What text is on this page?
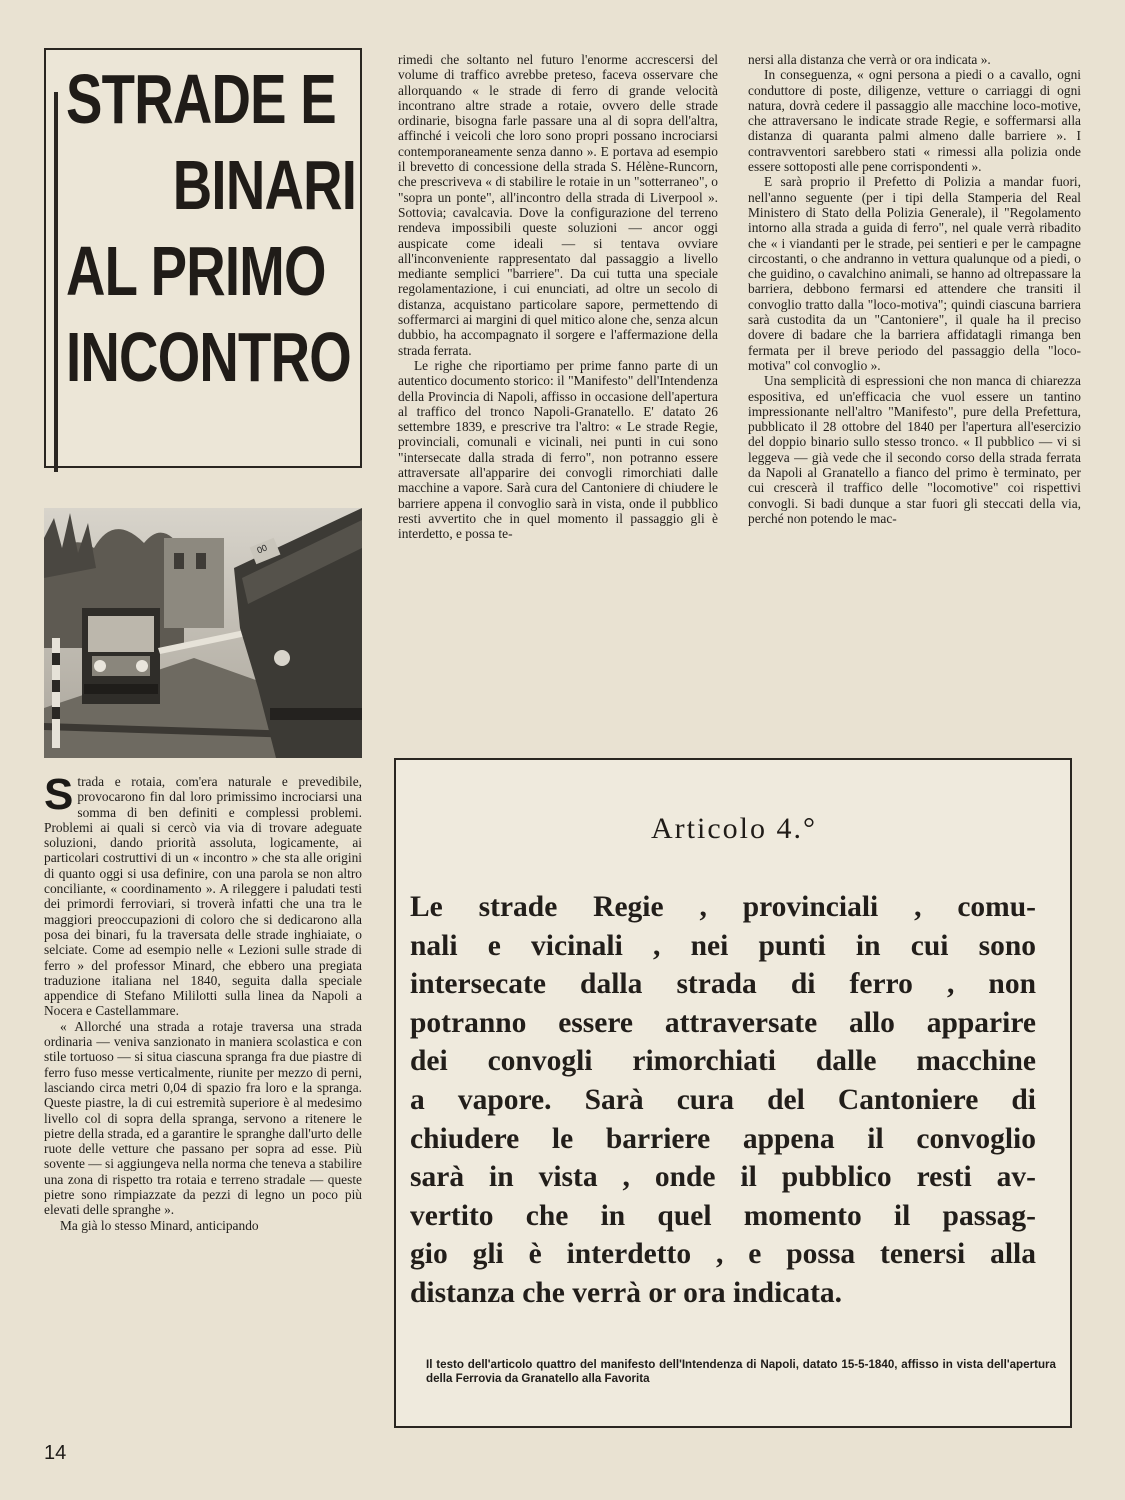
STRADE E
BINARI
AL PRIMO
INCONTRO
00

rimedi che soltanto nel futuro l'enorme accrescersi del volume di traffico avrebbe preteso, faceva osservare che allorquando « le strade di ferro di grande velocità incontrano altre strade a rotaie, ovvero delle strade ordinarie, bisogna farle passare una al di sopra dell'altra, affinché i veicoli che loro sono propri possano incrociarsi contemporaneamente senza danno ». E portava ad esempio il brevetto di concessione della strada S. Hélène-Runcorn, che prescriveva « di stabilire le rotaie in un "sotterraneo", o "sopra un ponte", all'incontro della strada di Liverpool ». Sottovia; cavalcavia. Dove la configurazione del terreno rendeva impossibili queste soluzioni — ancor oggi auspicate come ideali — si tentava ovviare all'inconveniente rappresentato dal passaggio a livello mediante semplici "barriere". Da cui tutta una speciale regolamentazione, i cui enunciati, ad oltre un secolo di distanza, acquistano particolare sapore, permettendo di soffermarci ai margini di quel mitico alone che, senza alcun dubbio, ha accompagnato il sorgere e l'affermazione della strada ferrata.

Le righe che riportiamo per prime fanno parte di un autentico documento storico: il "Manifesto" dell'Intendenza della Provincia di Napoli, affisso in occasione dell'apertura al traffico del tronco Napoli-Granatello. E' datato 26 settembre 1839, e prescrive tra l'altro: « Le strade Regie, provinciali, comunali e vicinali, nei punti in cui sono "intersecate dalla strada di ferro", non potranno essere attraversate all'apparire dei convogli rimorchiati dalle macchine a vapore. Sarà cura del Cantoniere di chiudere le barriere appena il convoglio sarà in vista, onde il pubblico resti avvertito che in quel momento il passaggio gli è interdetto, e possa te-

nersi alla distanza che verrà or ora indicata ».

In conseguenza, « ogni persona a piedi o a cavallo, ogni conduttore di poste, diligenze, vetture o carriaggi di ogni natura, dovrà cedere il passaggio alle macchine loco-motive, che attraversano le indicate strade Regie, e soffermarsi alla distanza di quaranta palmi almeno dalle barriere ». I contravventori sarebbero stati « rimessi alla polizia onde essere sottoposti alle pene corrispondenti ».

E sarà proprio il Prefetto di Polizia a mandar fuori, nell'anno seguente (per i tipi della Stamperia del Real Ministero di Stato della Polizia Generale), il "Regolamento intorno alla strada a guida di ferro", nel quale verrà ribadito che « i viandanti per le strade, pei sentieri e per le campagne circostanti, o che andranno in vettura qualunque od a piedi, o che guidino, o cavalchino animali, se hanno ad oltrepassare la barriera, debbono fermarsi ed attendere che transiti il convoglio tratto dalla "loco-motiva"; quindi ciascuna barriera sarà custodita da un "Cantoniere", il quale ha il preciso dovere di badare che la barriera affidatagli rimanga ben fermata per il breve periodo del passaggio della "loco-motiva" col convoglio ».

Una semplicità di espressioni che non manca di chiarezza espositiva, ed un'efficacia che vuol essere un tantino impressionante nell'altro "Manifesto", pure della Prefettura, pubblicato il 28 ottobre del 1840 per l'apertura all'esercizio del doppio binario sullo stesso tronco. « Il pubblico — vi si leggeva — già vede che il secondo corso della strada ferrata da Napoli al Granatello a fianco del primo è terminato, per cui crescerà il traffico delle "locomotive" coi rispettivi convogli. Si badi dunque a star fuori gli steccati della via, perché non potendo le mac-

Strada e rotaia, com'era naturale e prevedibile, provocarono fin dal loro primissimo incrociarsi una somma di ben definiti e complessi problemi. Problemi ai quali si cercò via via di trovare adeguate soluzioni, dando priorità assoluta, logicamente, ai particolari costruttivi di un « incontro » che sta alle origini di quanto oggi si usa definire, con una parola se non altro conciliante, « coordinamento ». A rileggere i paludati testi dei primordi ferroviari, si troverà infatti che una tra le maggiori preoccupazioni di coloro che si dedicarono alla posa dei binari, fu la traversata delle strade inghiaiate, o selciate. Come ad esempio nelle « Lezioni sulle strade di ferro » del professor Minard, che ebbero una pregiata traduzione italiana nel 1840, seguita dalla speciale appendice di Stefano Mililotti sulla linea da Napoli a Nocera e Castellammare.

« Allorché una strada a rotaje traversa una strada ordinaria — veniva sanzionato in maniera scolastica e con stile tortuoso — si situa ciascuna spranga fra due piastre di ferro fuso messe verticalmente, riunite per mezzo di perni, lasciando circa metri 0,04 di spazio fra loro e la spranga. Queste piastre, la di cui estremità superiore è al medesimo livello col di sopra della spranga, servono a ritenere le pietre della strada, ed a garantire le spranghe dall'urto delle ruote delle vetture che passano per sopra ad esse. Più sovente — si aggiungeva nella norma che teneva a stabilire una zona di rispetto tra rotaia e terreno stradale — queste pietre sono rimpiazzate da pezzi di legno un poco più elevati delle spranghe ».

Ma già lo stesso Minard, anticipando

Articolo 4.°
Le strade Regie , provinciali , comu-
nali e vicinali , nei punti in cui sono
intersecate dalla strada di ferro , non
potranno essere attraversate allo apparire
dei convogli rimorchiati dalle macchine
a vapore. Sarà cura del Cantoniere di
chiudere le barriere appena il convoglio
sarà in vista , onde il pubblico resti av-
vertito che in quel momento il passag-
gio gli è interdetto , e possa tenersi alla
distanza che verrà or ora indicata.
Il testo dell'articolo quattro del manifesto dell'Intendenza di Napoli, datato 15-5-1840, affisso in vista dell'apertura della Ferrovia da Granatello alla Favorita
14
